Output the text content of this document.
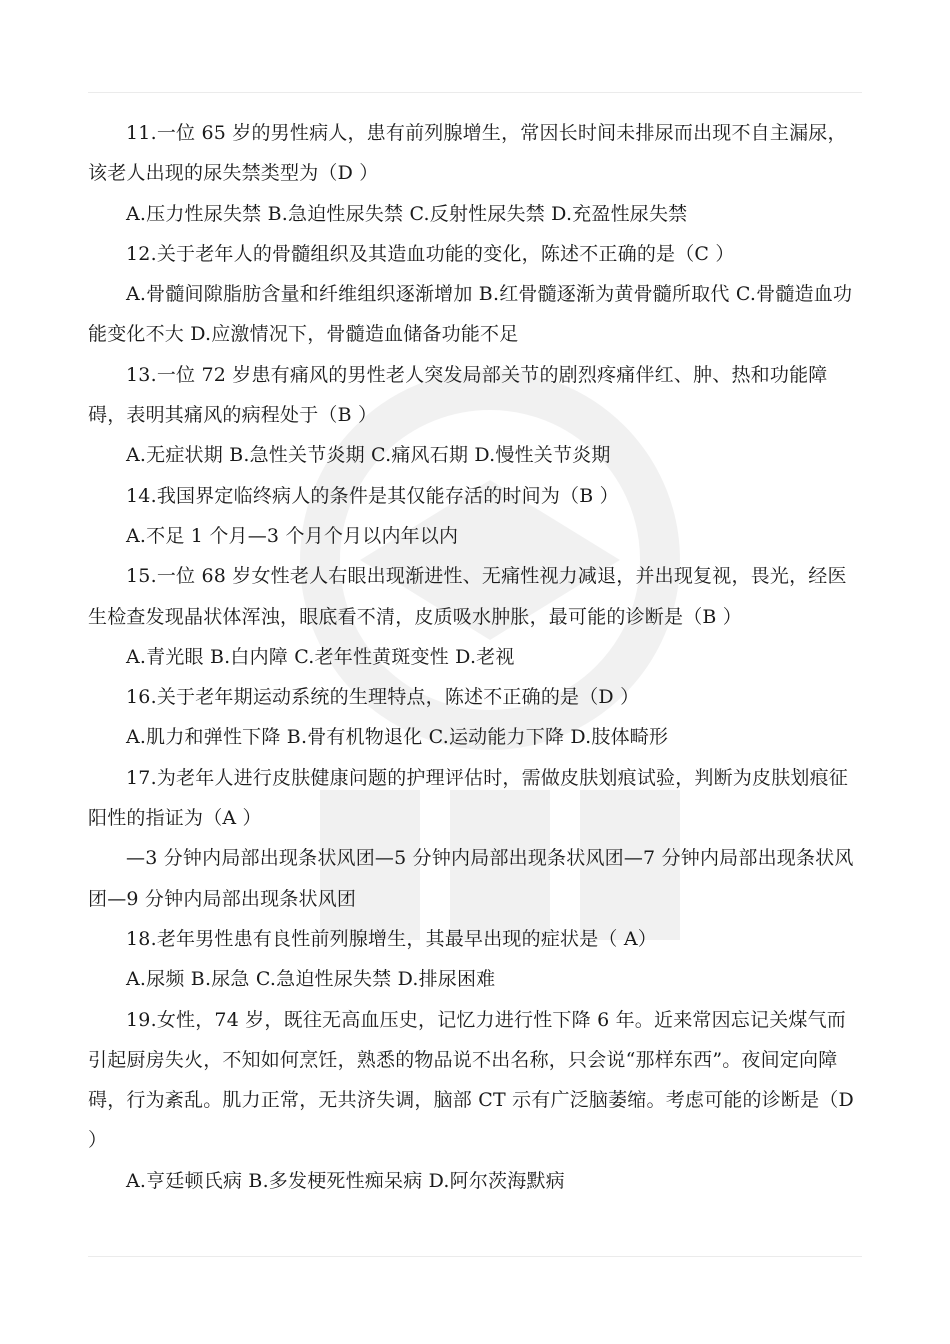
11.一位 65 岁的男性病人，患有前列腺增生，常因长时间未排尿而出现不自主漏尿，该老人出现的尿失禁类型为（D ）

A.压力性尿失禁 B.急迫性尿失禁 C.反射性尿失禁 D.充盈性尿失禁

12.关于老年人的骨髓组织及其造血功能的变化，陈述不正确的是（C ）

A.骨髓间隙脂肪含量和纤维组织逐渐增加 B.红骨髓逐渐为黄骨髓所取代 C.骨髓造血功能变化不大 D.应激情况下，骨髓造血储备功能不足

13.一位 72 岁患有痛风的男性老人突发局部关节的剧烈疼痛伴红、肿、热和功能障碍，表明其痛风的病程处于（B ）

A.无症状期 B.急性关节炎期 C.痛风石期 D.慢性关节炎期

14.我国界定临终病人的条件是其仅能存活的时间为（B ）

A.不足 1 个月—3 个月个月以内年以内

15.一位 68 岁女性老人右眼出现渐进性、无痛性视力减退，并出现复视，畏光，经医生检查发现晶状体浑浊，眼底看不清，皮质吸水肿胀，最可能的诊断是（B ）

A.青光眼 B.白内障 C.老年性黄斑变性 D.老视

16.关于老年期运动系统的生理特点，陈述不正确的是（D ）

A.肌力和弹性下降 B.骨有机物退化 C.运动能力下降 D.肢体畸形

17.为老年人进行皮肤健康问题的护理评估时，需做皮肤划痕试验，判断为皮肤划痕征阳性的指证为（A ）

—3 分钟内局部出现条状风团—5 分钟内局部出现条状风团—7 分钟内局部出现条状风团—9 分钟内局部出现条状风团

18.老年男性患有良性前列腺增生，其最早出现的症状是（ A）

A.尿频 B.尿急 C.急迫性尿失禁 D.排尿困难

19.女性，74 岁，既往无高血压史，记忆力进行性下降 6 年。近来常因忘记关煤气而引起厨房失火，不知如何烹饪，熟悉的物品说不出名称，只会说“那样东西”。夜间定向障碍，行为紊乱。肌力正常，无共济失调，脑部 CT 示有广泛脑萎缩。考虑可能的诊断是（D ）

A.亨廷顿氏病 B.多发梗死性痴呆病 D.阿尔茨海默病
